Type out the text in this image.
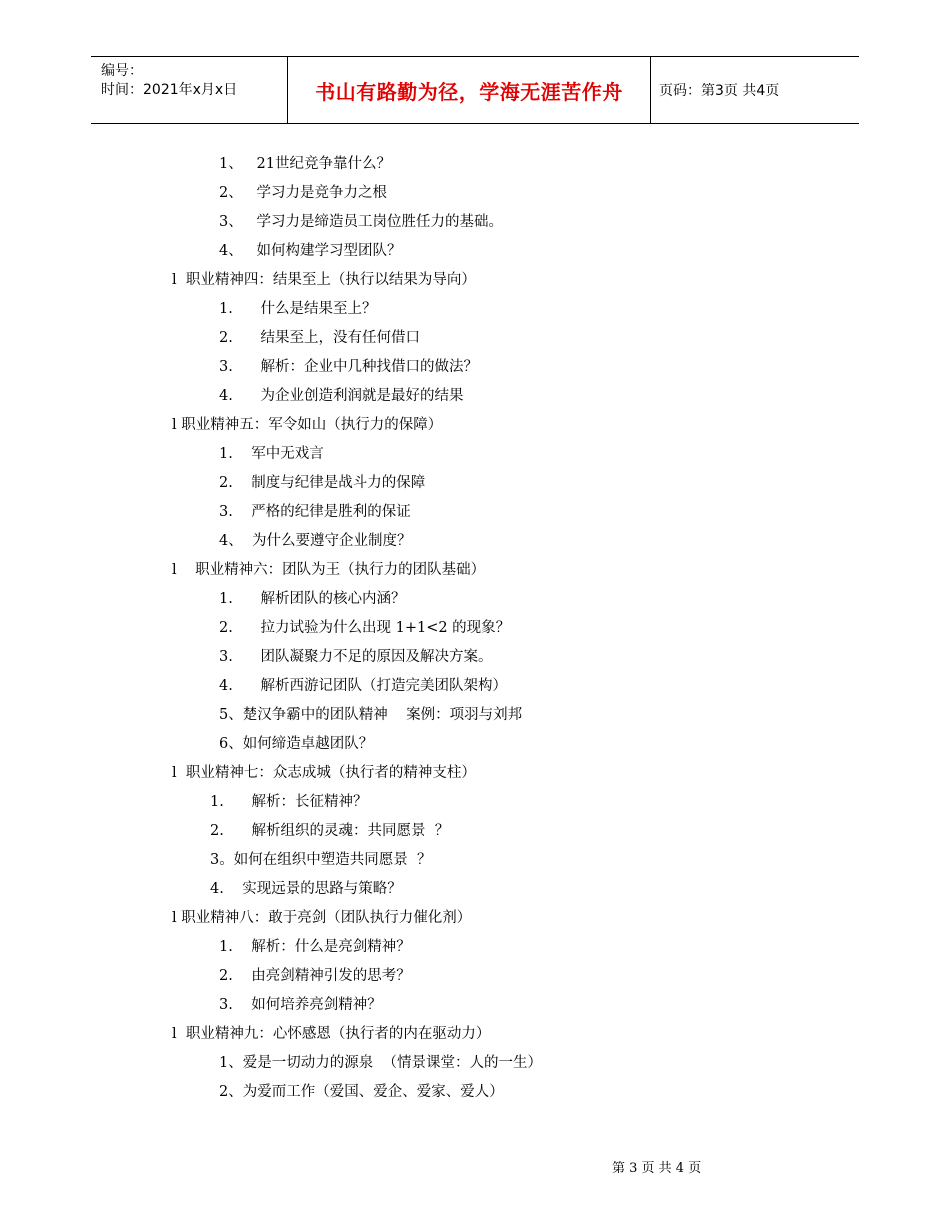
编号：
时间：2021年x月x日	书山有路勤为径，学海无涯苦作舟	页码：第3页 共4页
1、   21世纪竞争靠什么？
2、   学习力是竞争力之根
3、   学习力是缔造员工岗位胜任力的基础。
4、   如何构建学习型团队？
l  职业精神四：结果至上（执行以结果为导向）
1.      什么是结果至上？
2.      结果至上，没有任何借口
3.      解析：企业中几种找借口的做法？
4.      为企业创造利润就是最好的结果
l 职业精神五：军令如山（执行力的保障）
1.    军中无戏言
2.    制度与纪律是战斗力的保障
3.    严格的纪律是胜利的保证
4、  为什么要遵守企业制度？
l    职业精神六：团队为王（执行力的团队基础）
1.      解析团队的核心内涵？
2.      拉力试验为什么出现 1+1<2 的现象？
3.      团队凝聚力不足的原因及解决方案。
4.      解析西游记团队（打造完美团队架构）
5、楚汉争霸中的团队精神    案例：项羽与刘邦
6、如何缔造卓越团队？
l  职业精神七：众志成城（执行者的精神支柱）
1.      解析：长征精神？
2.      解析组织的灵魂：共同愿景  ？
3。如何在组织中塑造共同愿景  ？
4.    实现远景的思路与策略？
l 职业精神八：敢于亮剑（团队执行力催化剂）
1.    解析：什么是亮剑精神？
2.    由亮剑精神引发的思考？
3.    如何培养亮剑精神？
l  职业精神九：心怀感恩（执行者的内在驱动力）
1、爱是一切动力的源泉  （情景课堂：人的一生）
2、为爱而工作（爱国、爱企、爱家、爱人）
第 3 页 共 4 页
